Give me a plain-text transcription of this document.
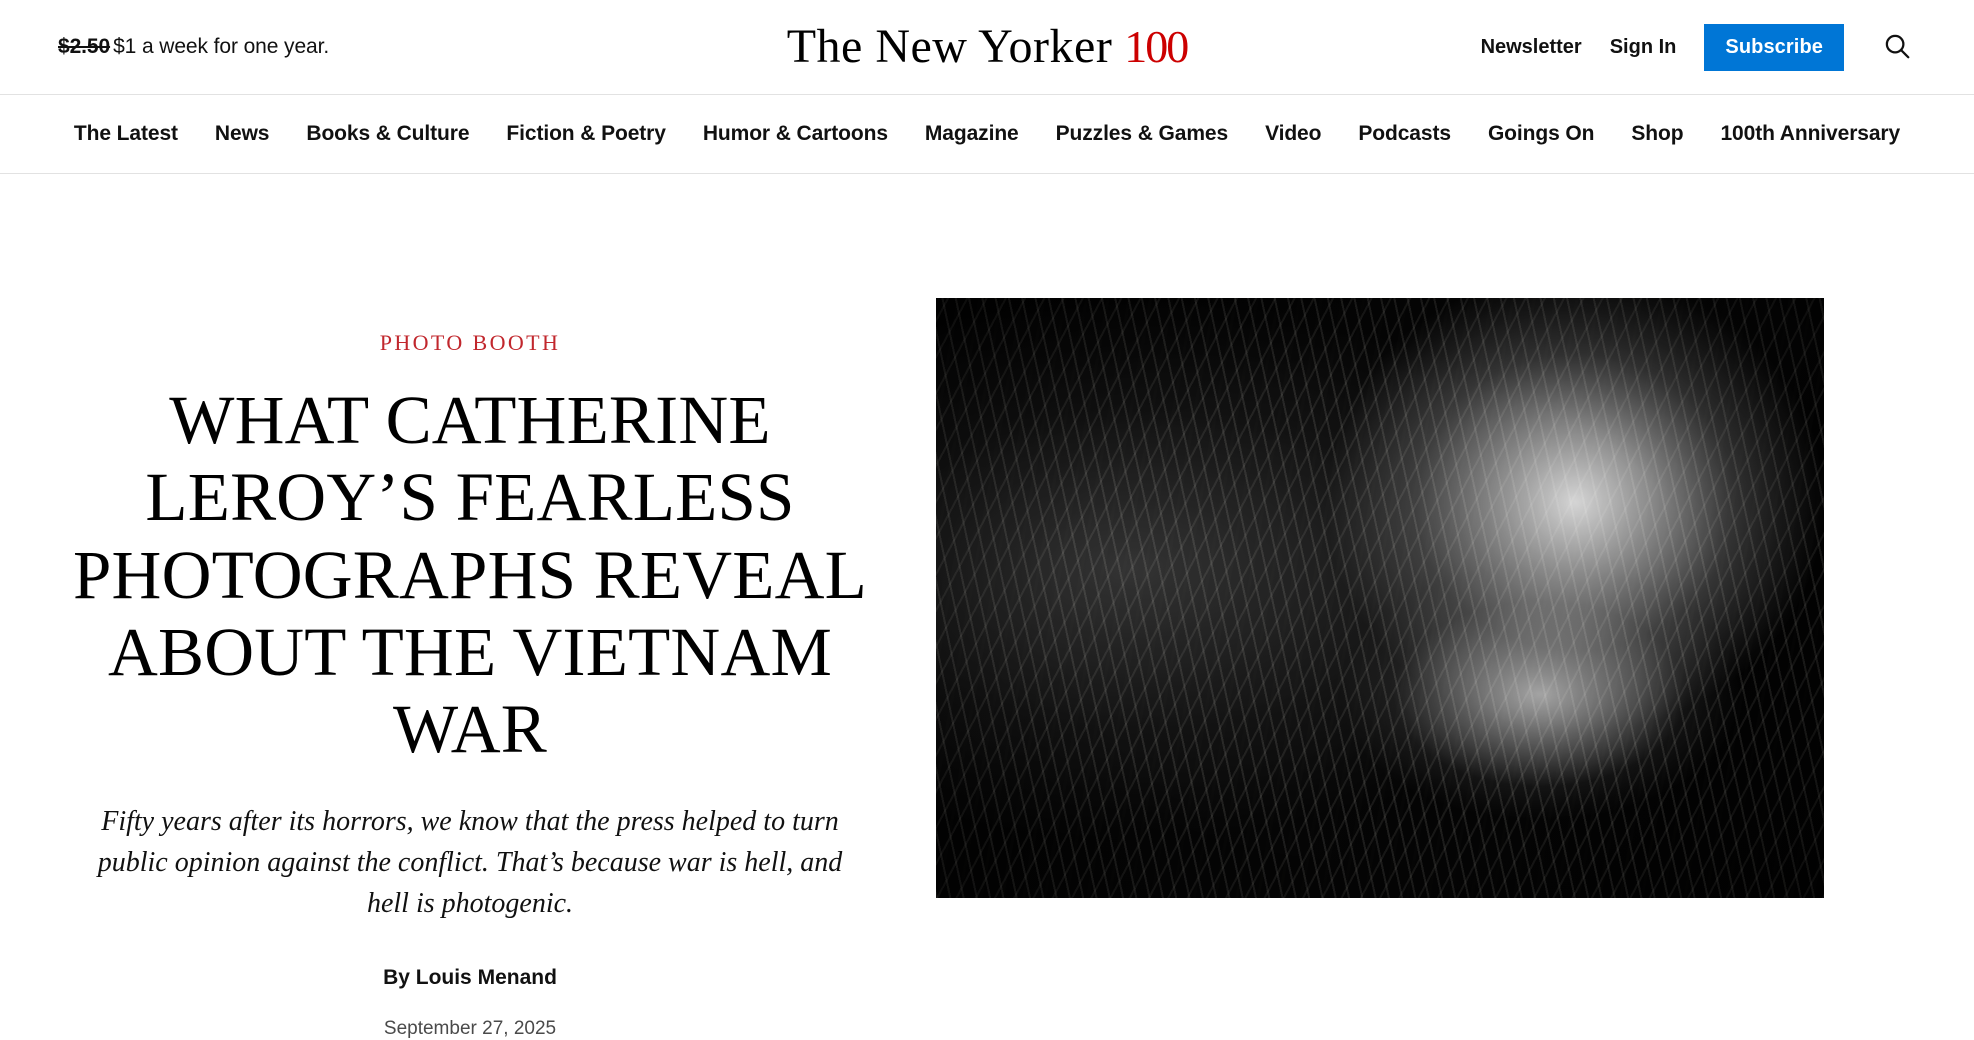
$2.50 $1 a week for one year.	The New Yorker 100	Newsletter Sign In	Subscribe
The Latest News Books & Culture Fiction & Poetry Humor & Cartoons Magazine Puzzles & Games Video Podcasts Goings On Shop 100th Anniversary
PHOTO BOOTH
WHAT CATHERINE LEROY’S FEARLESS PHOTOGRAPHS REVEAL ABOUT THE VIETNAM WAR

Fifty years after its horrors, we know that the press helped to turn public opinion against the conflict. That’s because war is hell, and hell is photogenic.

By Louis Menand
September 27, 2025
